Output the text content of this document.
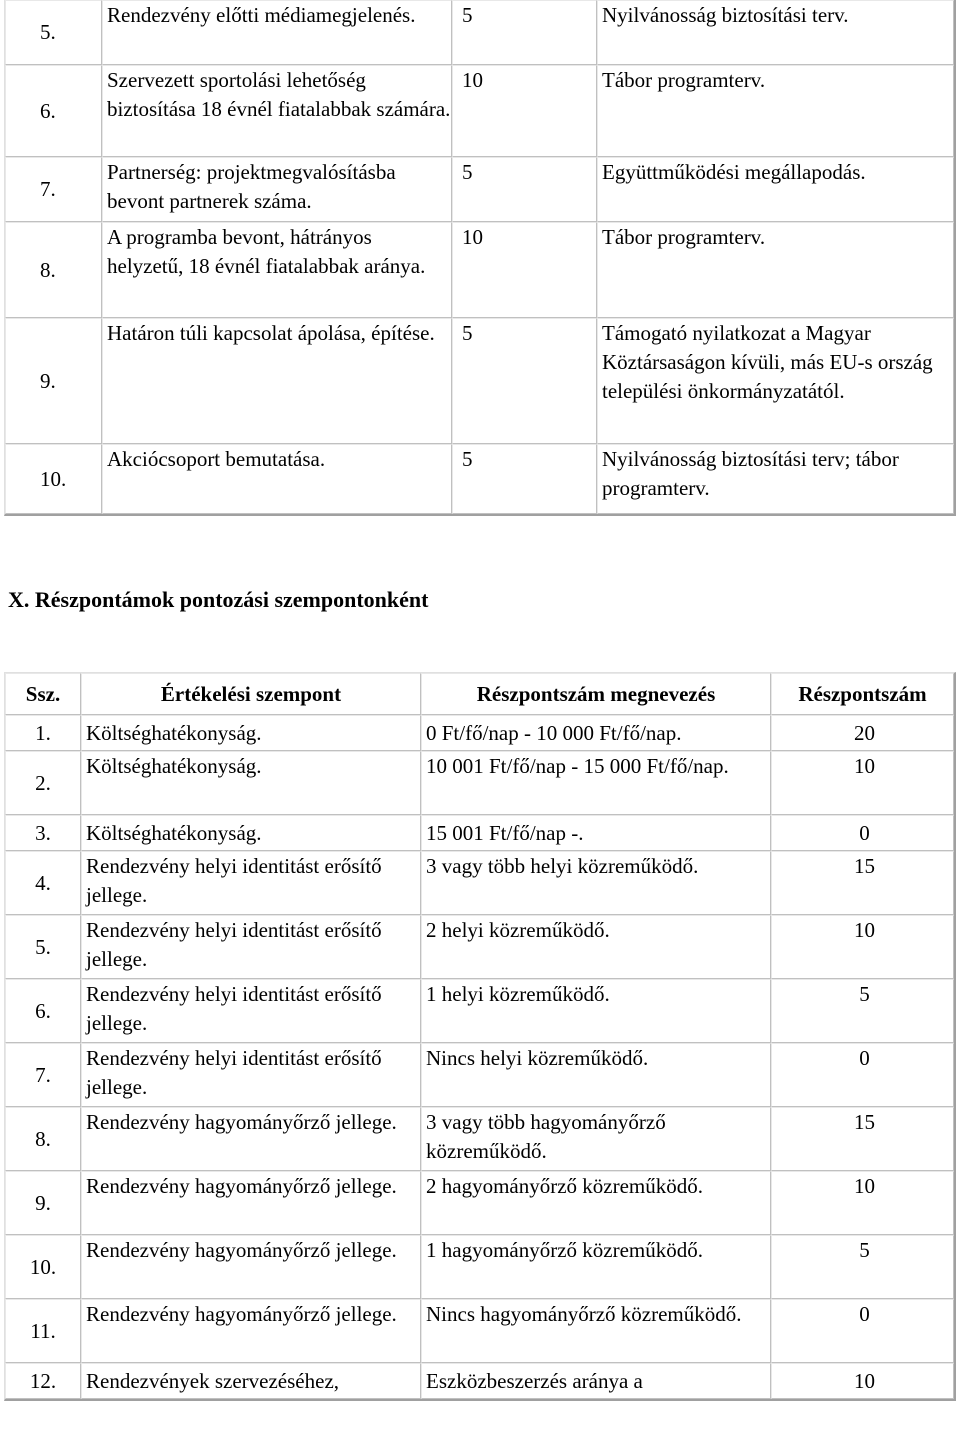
5.	Rendezvény előtti médiamegjelenés.	5	Nyilvánosság biztosítási terv.
6.	Szervezett sportolási lehetőség biztosítása 18 évnél fiatalabbak számára.	10	Tábor programterv.
7.	Partnerség: projektmegvalósításba bevont partnerek száma.	5	Együttműködési megállapodás.
8.	A programba bevont, hátrányos helyzetű, 18 évnél fiatalabbak aránya.	10	Tábor programterv.
9.	Határon túli kapcsolat ápolása, építése.	5	Támogató nyilatkozat a Magyar Köztársaságon kívüli, más EU-s ország települési önkormányzatától.
10.	Akciócsoport bemutatása.	5	Nyilvánosság biztosítási terv; tábor programterv.
X. Részpontámok pontozási szempontonként
Ssz.	Értékelési szempont	Részpontszám megnevezés	Részpontszám
1.	Költséghatékonyság.	0 Ft/fő/nap - 10 000 Ft/fő/nap.	20
2.	Költséghatékonyság.	10 001 Ft/fő/nap - 15 000 Ft/fő/nap.	10
3.	Költséghatékonyság.	15 001 Ft/fő/nap -.	0
4.	Rendezvény helyi identitást erősítő jellege.	3 vagy több helyi közreműködő.	15
5.	Rendezvény helyi identitást erősítő jellege.	2 helyi közreműködő.	10
6.	Rendezvény helyi identitást erősítő jellege.	1 helyi közreműködő.	5
7.	Rendezvény helyi identitást erősítő jellege.	Nincs helyi közreműködő.	0
8.	Rendezvény hagyományőrző jellege.	3 vagy több hagyományőrző közreműködő.	15
9.	Rendezvény hagyományőrző jellege.	2 hagyományőrző közreműködő.	10
10.	Rendezvény hagyományőrző jellege.	1 hagyományőrző közreműködő.	5
11.	Rendezvény hagyományőrző jellege.	Nincs hagyományőrző közreműködő.	0
12.	Rendezvények szervezéséhez,	Eszközbeszerzés aránya a	10
